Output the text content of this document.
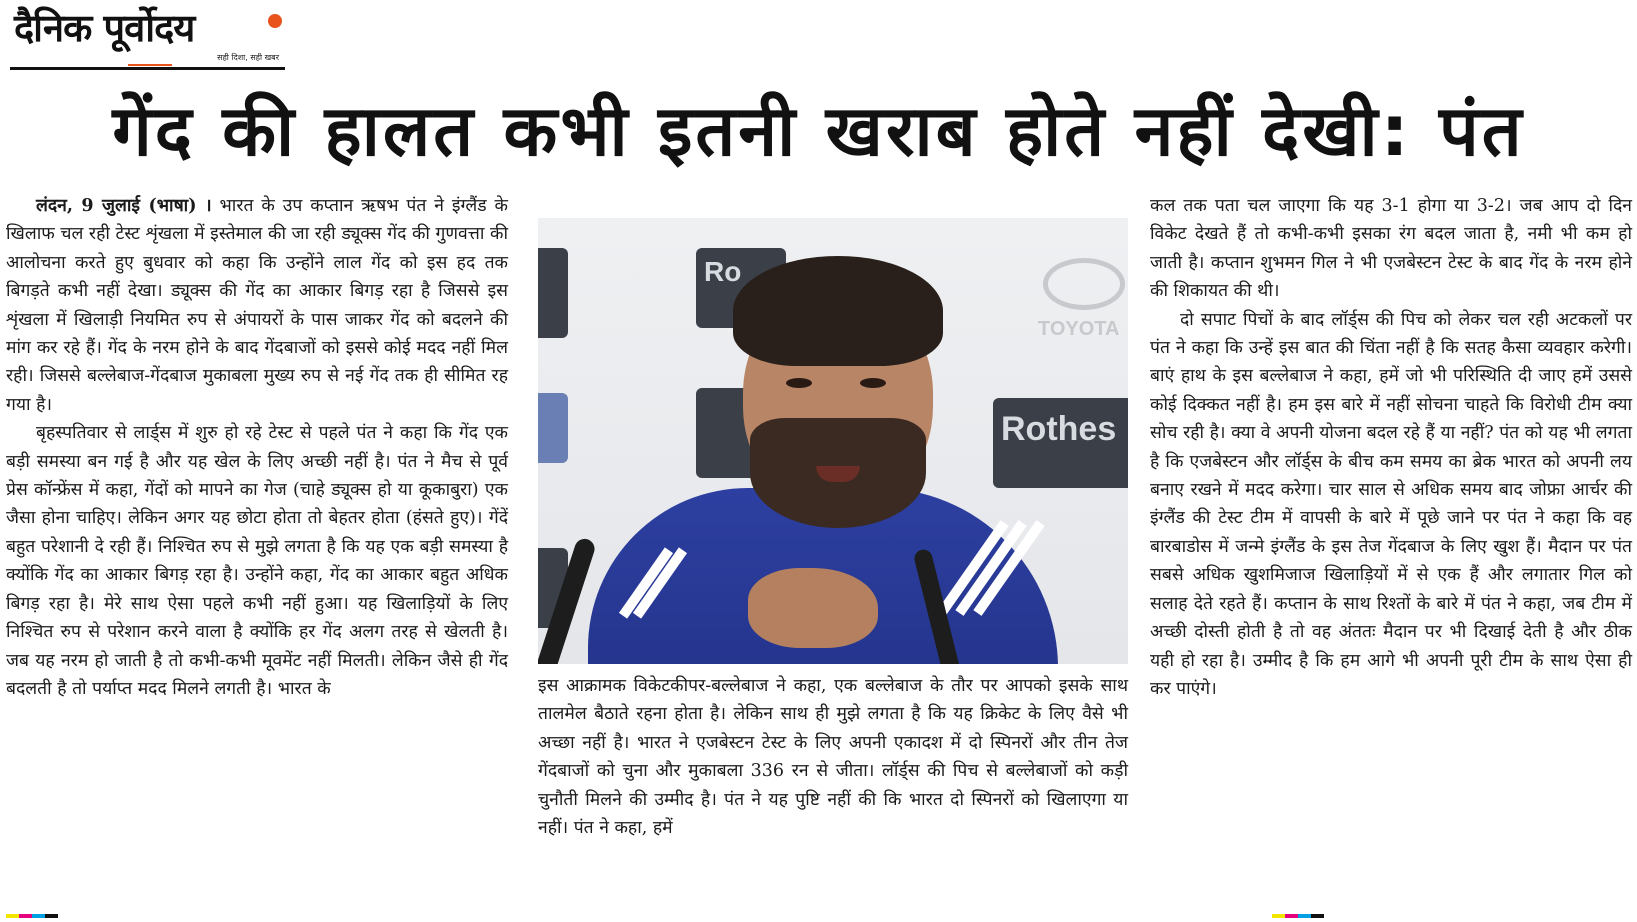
दैनिक पूर्वोदय
सही दिशा, सही खबर
गेंद की हालत कभी इतनी खराब होते नहीं देखी: पंत

लंदन, 9 जुलाई (भाषा) । भारत के उप कप्तान ऋषभ पंत ने इंग्लैंड के खिलाफ चल रही टेस्ट शृंखला में इस्तेमाल की जा रही ड्यूक्स गेंद की गुणवत्ता की आलोचना करते हुए बुधवार को कहा कि उन्होंने लाल गेंद को इस हद तक बिगड़ते कभी नहीं देखा। ड्यूक्स की गेंद का आकार बिगड़ रहा है जिससे इस शृंखला में खिलाड़ी नियमित रुप से अंपायरों के पास जाकर गेंद को बदलने की मांग कर रहे हैं। गेंद के नरम होने के बाद गेंदबाजों को इससे कोई मदद नहीं मिल रही। जिससे बल्लेबाज-गेंदबाज मुकाबला मुख्य रुप से नई गेंद तक ही सीमित रह गया है।

बृहस्पतिवार से लार्ड्स में शुरु हो रहे टेस्ट से पहले पंत ने कहा कि गेंद एक बड़ी समस्या बन गई है और यह खेल के लिए अच्छी नहीं है। पंत ने मैच से पूर्व प्रेस कॉन्फ्रेंस में कहा, गेंदों को मापने का गेज (चाहे ड्यूक्स हो या कूकाबुरा) एक जैसा होना चाहिए। लेकिन अगर यह छोटा होता तो बेहतर होता (हंसते हुए)। गेंदें बहुत परेशानी दे रही हैं। निश्चित रुप से मुझे लगता है कि यह एक बड़ी समस्या है क्योंकि गेंद का आकार बिगड़ रहा है। उन्होंने कहा, गेंद का आकार बहुत अधिक बिगड़ रहा है। मेरे साथ ऐसा पहले कभी नहीं हुआ। यह खिलाड़ियों के लिए निश्चित रुप से परेशान करने वाला है क्योंकि हर गेंद अलग तरह से खेलती है। जब यह नरम हो जाती है तो कभी-कभी मूवमेंट नहीं मिलती। लेकिन जैसे ही गेंद बदलती है तो पर्याप्त मदद मिलने लगती है। भारत के

Ro
Rothes
TOYOTA

इस आक्रामक विकेटकीपर-बल्लेबाज ने कहा, एक बल्लेबाज के तौर पर आपको इसके साथ तालमेल बैठाते रहना होता है। लेकिन साथ ही मुझे लगता है कि यह क्रिकेट के लिए वैसे भी अच्छा नहीं है। भारत ने एजबेस्टन टेस्ट के लिए अपनी एकादश में दो स्पिनरों और तीन तेज गेंदबाजों को चुना और मुकाबला 336 रन से जीता। लॉर्ड्स की पिच से बल्लेबाजों को कड़ी चुनौती मिलने की उम्मीद है। पंत ने यह पुष्टि नहीं की कि भारत दो स्पिनरों को खिलाएगा या नहीं। पंत ने कहा, हमें

कल तक पता चल जाएगा कि यह 3-1 होगा या 3-2। जब आप दो दिन विकेट देखते हैं तो कभी-कभी इसका रंग बदल जाता है, नमी भी कम हो जाती है। कप्तान शुभमन गिल ने भी एजबेस्टन टेस्ट के बाद गेंद के नरम होने की शिकायत की थी।

दो सपाट पिचों के बाद लॉर्ड्स की पिच को लेकर चल रही अटकलों पर पंत ने कहा कि उन्हें इस बात की चिंता नहीं है कि सतह कैसा व्यवहार करेगी। बाएं हाथ के इस बल्लेबाज ने कहा, हमें जो भी परिस्थिति दी जाए हमें उससे कोई दिक्कत नहीं है। हम इस बारे में नहीं सोचना चाहते कि विरोधी टीम क्या सोच रही है। क्या वे अपनी योजना बदल रहे हैं या नहीं? पंत को यह भी लगता है कि एजबेस्टन और लॉर्ड्स के बीच कम समय का ब्रेक भारत को अपनी लय बनाए रखने में मदद करेगा। चार साल से अधिक समय बाद जोफ्रा आर्चर की इंग्लैंड की टेस्ट टीम में वापसी के बारे में पूछे जाने पर पंत ने कहा कि वह बारबाडोस में जन्मे इंग्लैंड के इस तेज गेंदबाज के लिए खुश हैं। मैदान पर पंत सबसे अधिक खुशमिजाज खिलाड़ियों में से एक हैं और लगातार गिल को सलाह देते रहते हैं। कप्तान के साथ रिश्तों के बारे में पंत ने कहा, जब टीम में अच्छी दोस्ती होती है तो वह अंततः मैदान पर भी दिखाई देती है और ठीक यही हो रहा है। उम्मीद है कि हम आगे भी अपनी पूरी टीम के साथ ऐसा ही कर पाएंगे।
